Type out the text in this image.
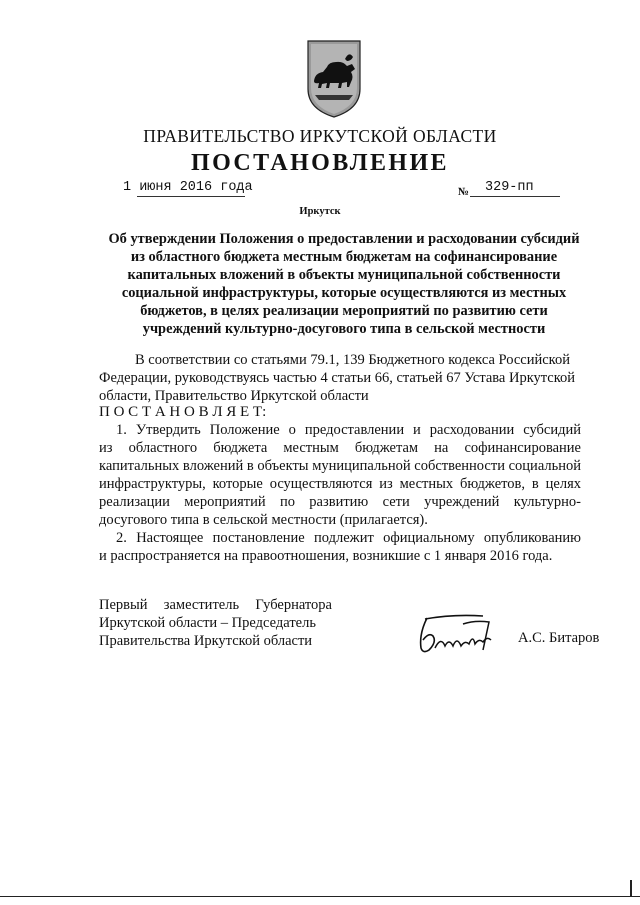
ПРАВИТЕЛЬСТВО ИРКУТСКОЙ ОБЛАСТИ
ПОСТАНОВЛЕНИЕ
1 июня 2016 года	№ 329-пп
Иркутск
Об утверждении Положения о предоставлении и расходовании субсидий
из областного бюджета местным бюджетам на софинансирование
капитальных вложений в объекты муниципальной собственности
социальной инфраструктуры, которые осуществляются из местных
бюджетов, в целях реализации мероприятий по развитию сети
учреждений культурно-досугового типа в сельской местности
В соответствии со статьями 79.1, 139 Бюджетного кодекса Российской
Федерации, руководствуясь частью 4 статьи 66, статьей 67 Устава Иркутской
области, Правительство Иркутской области
П О С Т А Н О В Л Я Е Т:
1. Утвердить Положение о предоставлении и расходовании субсидий
из областного бюджета местным бюджетам на софинансирование
капитальных вложений в объекты муниципальной собственности социальной
инфраструктуры, которые осуществляются из местных бюджетов, в целях
реализации мероприятий по развитию сети учреждений культурно-
досугового типа в сельской местности (прилагается).
2. Настоящее постановление подлежит официальному опубликованию
и распространяется на правоотношения, возникшие с 1 января 2016 года.
Первый заместитель Губернатора
Иркутской области – Председатель
Правительства Иркутской области	А.С. Битаров
